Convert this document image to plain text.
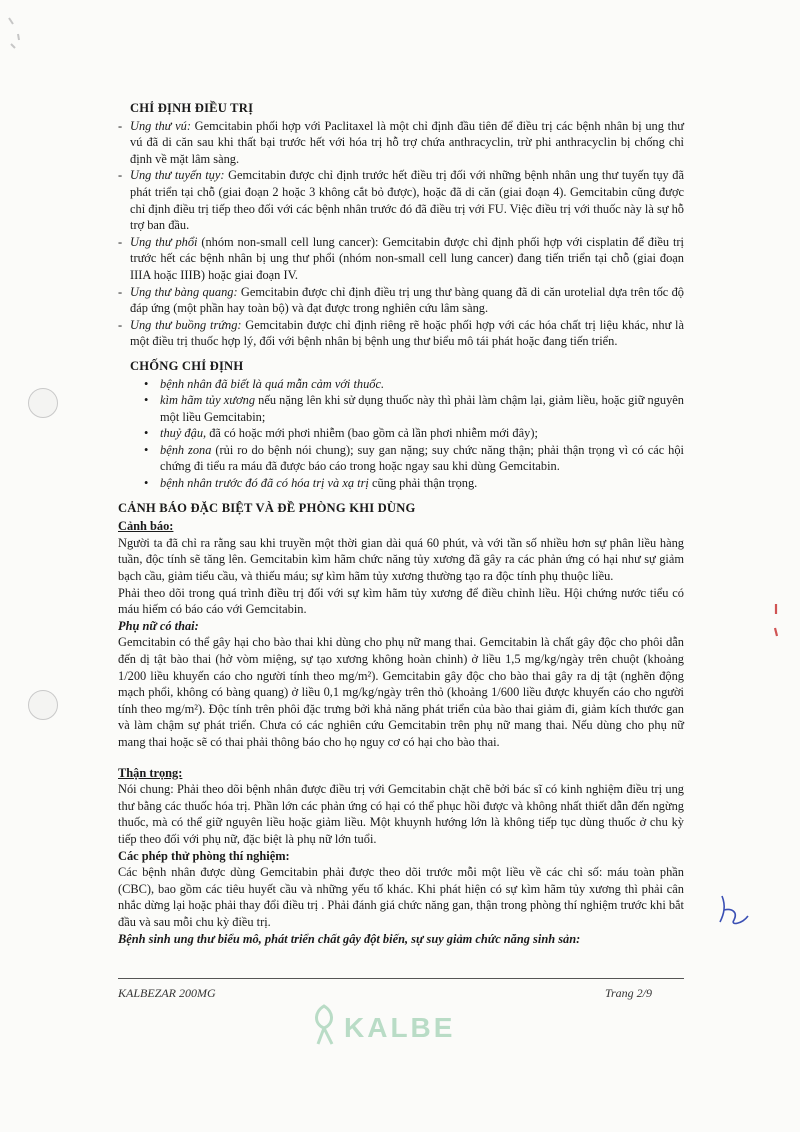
CHỈ ĐỊNH ĐIỀU TRỊ
- Ung thư vú: Gemcitabin phối hợp với Paclitaxel là một chỉ định đầu tiên để điều trị các bệnh nhân bị ung thư vú đã di căn sau khi thất bại trước hết với hóa trị hỗ trợ chứa anthracyclin, trừ phi anthracyclin bị chống chỉ định về mặt lâm sàng.
- Ung thư tuyến tụy: Gemcitabin được chỉ định trước hết điều trị đối với những bệnh nhân ung thư tuyến tụy đã phát triển tại chỗ (giai đoạn 2 hoặc 3 không cắt bỏ được), hoặc đã di căn (giai đoạn 4). Gemcitabin cũng được chỉ định điều trị tiếp theo đối với các bệnh nhân trước đó đã điều trị với FU. Việc điều trị với thuốc này là sự hỗ trợ ban đầu.
- Ung thư phổi (nhóm non-small cell lung cancer): Gemcitabin được chỉ định phối hợp với cisplatin để điều trị trước hết các bệnh nhân bị ung thư phổi (nhóm non-small cell lung cancer) đang tiến triển tại chỗ (giai đoạn IIIA hoặc IIIB) hoặc giai đoạn IV.
- Ung thư bàng quang: Gemcitabin được chỉ định điều trị ung thư bàng quang đã di căn urotelial dựa trên tốc độ đáp ứng (một phần hay toàn bộ) và đạt được trong nghiên cứu lâm sàng.
- Ung thư buồng trứng: Gemcitabin được chỉ định riêng rẽ hoặc phối hợp với các hóa chất trị liệu khác, như là một điều trị thuốc hợp lý, đối với bệnh nhân bị bệnh ung thư biểu mô tái phát hoặc đang tiến triển.
CHỐNG CHỈ ĐỊNH
• bệnh nhân đã biết là quá mẫn cảm với thuốc.
• kìm hãm tủy xương nếu nặng lên khi sử dụng thuốc này thì phải làm chậm lại, giảm liều, hoặc giữ nguyên một liều Gemcitabin;
• thuỷ đậu, đã có hoặc mới phơi nhiễm (bao gồm cả lần phơi nhiễm mới đây);
• bệnh zona (rủi ro do bệnh nói chung); suy gan nặng; suy chức năng thận; phải thận trọng vì có các hội chứng đi tiểu ra máu đã được báo cáo trong hoặc ngay sau khi dùng Gemcitabin.
• bệnh nhân trước đó đã có hóa trị và xạ trị cũng phải thận trọng.
CẢNH BÁO ĐẶC BIỆT VÀ ĐỀ PHÒNG KHI DÙNG
Cảnh báo:

Người ta đã chỉ ra rằng sau khi truyền một thời gian dài quá 60 phút, và với tần số nhiều hơn sự phân liều hàng tuần, độc tính sẽ tăng lên. Gemcitabin kìm hãm chức năng tủy xương đã gây ra các phản ứng có hại như sự giảm bạch cầu, giảm tiểu cầu, và thiếu máu; sự kìm hãm tủy xương thường tạo ra độc tính phụ thuộc liều.

Phải theo dõi trong quá trình điều trị đối với sự kìm hãm tủy xương để điều chỉnh liều. Hội chứng nước tiểu có máu hiếm có báo cáo với Gemcitabin.

Phụ nữ có thai:

Gemcitabin có thể gây hại cho bào thai khi dùng cho phụ nữ mang thai. Gemcitabin là chất gây độc cho phôi dẫn đến dị tật bào thai (hở vòm miệng, sự tạo xương không hoàn chỉnh) ở liều 1,5 mg/kg/ngày trên chuột (khoảng 1/200 liều khuyến cáo cho người tính theo mg/m²). Gemcitabin gây độc cho bào thai gây ra dị tật (nghẽn động mạch phổi, không có bàng quang) ở liều 0,1 mg/kg/ngày trên thỏ (khoảng 1/600 liều được khuyến cáo cho người tính theo mg/m²). Độc tính trên phôi đặc trưng bởi khả năng phát triển của bào thai giảm đi, giảm kích thước gan và làm chậm sự phát triển. Chưa có các nghiên cứu Gemcitabin trên phụ nữ mang thai. Nếu dùng cho phụ nữ mang thai hoặc sẽ có thai phải thông báo cho họ nguy cơ có hại cho bào thai.

Thận trọng:

Nói chung: Phải theo dõi bệnh nhân được điều trị với Gemcitabin chặt chẽ bởi bác sĩ có kinh nghiệm điều trị ung thư bằng các thuốc hóa trị. Phần lớn các phản ứng có hại có thể phục hồi được và không nhất thiết dẫn đến ngừng thuốc, mà có thể giữ nguyên liều hoặc giảm liều. Một khuynh hướng lớn là không tiếp tục dùng thuốc ở chu kỳ tiếp theo đối với phụ nữ, đặc biệt là phụ nữ lớn tuổi.

Các phép thử phòng thí nghiệm:

Các bệnh nhân được dùng Gemcitabin phải được theo dõi trước mỗi một liều về các chỉ số: máu toàn phần (CBC), bao gồm các tiêu huyết cầu và những yếu tố khác. Khi phát hiện có sự kìm hãm tủy xương thì phải cân nhắc dừng lại hoặc phải thay đổi điều trị . Phải đánh giá chức năng gan, thận trong phòng thí nghiệm trước khi bắt đầu và sau mỗi chu kỳ điều trị.

Bệnh sinh ung thư biểu mô, phát triển chất gây đột biến, sự suy giảm chức năng sinh sản:
KALBEZAR 200MG	Trang 2/9
KALBE
